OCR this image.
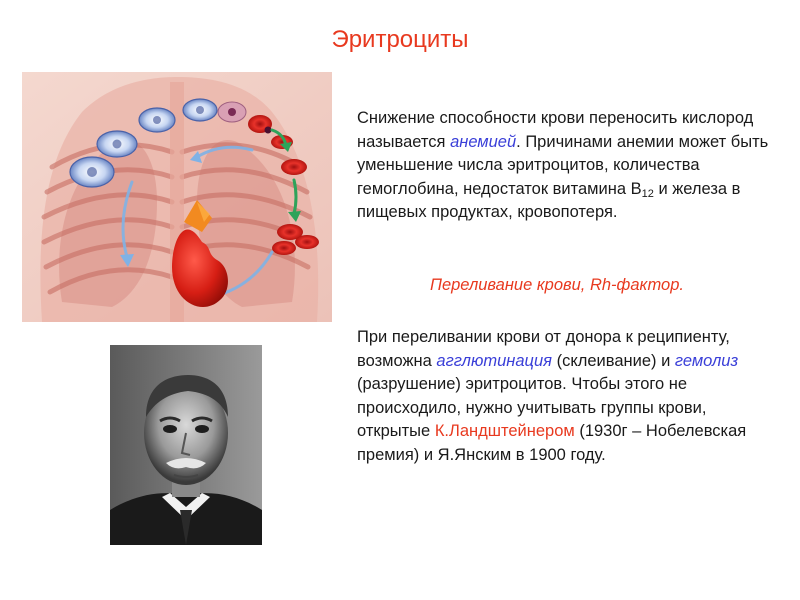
Эритроциты
Снижение способности крови переносить кислород называется анемией. Причинами анемии может быть уменьшение числа эритроцитов, количества гемоглобина, недостаток витамина $В_{12}$ и железа в пищевых продуктах, кровопотеря.
Переливание крови, Rh-фактор.
При переливании крови от донора к реципиенту, возможна агглютинация (склеивание) и гемолиз (разрушение) эритроцитов. Чтобы этого не происходило, нужно учитывать группы крови, открытые К.Ландштейнером (1930г – Нобелевская премия) и Я.Янским в 1900 году.
